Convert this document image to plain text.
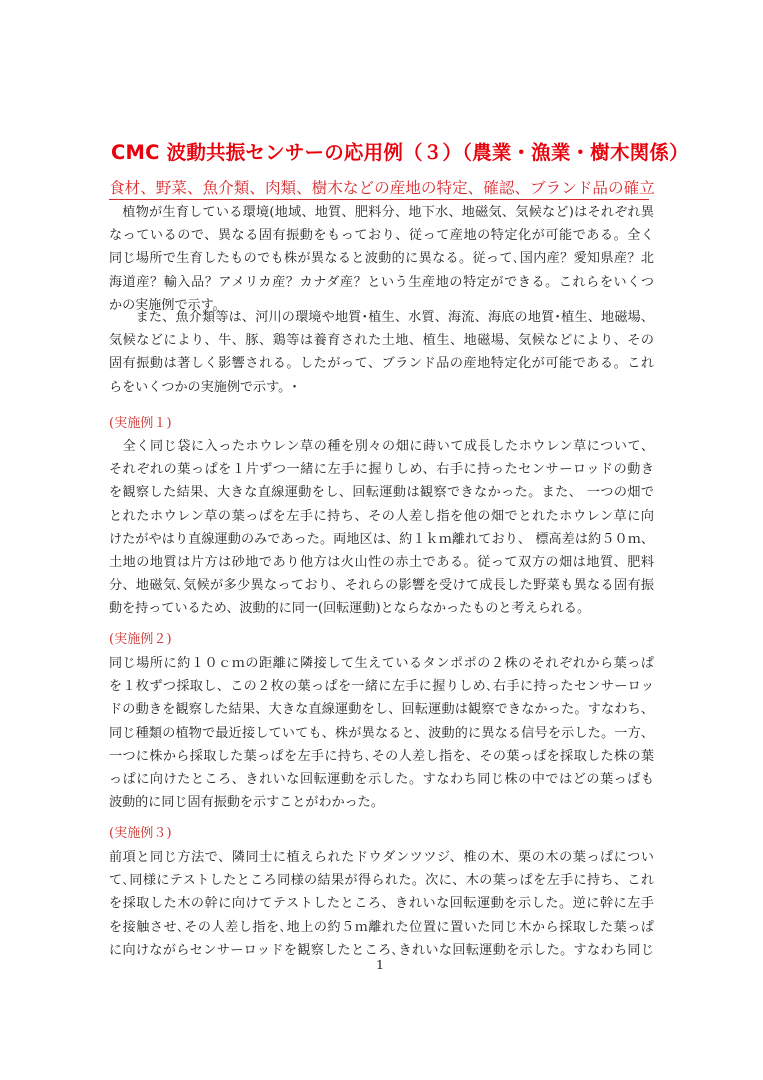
CMC 波動共振センサーの応用例（３）（農業・漁業・樹木関係）
食材、野菜、魚介類、肉類、樹木などの産地の特定、確認、ブランド品の確立
　植物が生育している環境(地域、地質、肥料分、地下水、地磁気、気候など)はそれぞれ異
なっているので、異なる固有振動をもっており、従って産地の特定化が可能である。全く
同じ場所で生育したものでも株が異なると波動的に異なる。従って､国内産？愛知県産？北
海道産？輸入品？アメリカ産？カナダ産？という生産地の特定ができる。これらをいくつ
かの実施例で示す。
　　また、魚介類等は、河川の環境や地質･植生、水質、海流、海底の地質･植生、地磁場、
気候などにより、牛、豚、鶏等は養育された土地、植生、地磁場、気候などにより、その
固有振動は著しく影響される。したがって、ブランド品の産地特定化が可能である。これ
らをいくつかの実施例で示す。･
(実施例１)
　全く同じ袋に入ったホウレン草の種を別々の畑に蒔いて成長したホウレン草について、
それぞれの葉っぱを１片ずつ一緒に左手に握りしめ、右手に持ったセンサーロッドの動き
を観察した結果、大きな直線運動をし、回転運動は観察できなかった。また、 一つの畑で
とれたホウレン草の葉っぱを左手に持ち、その人差し指を他の畑でとれたホウレン草に向
けたがやはり直線運動のみであった。両地区は、約１ｋｍ離れており、 標高差は約５０ｍ、
土地の地質は片方は砂地であり他方は火山性の赤土である。従って双方の畑は地質、肥料
分、地磁気､気候が多少異なっており、それらの影響を受けて成長した野菜も異なる固有振
動を持っているため、波動的に同一(回転運動)とならなかったものと考えられる。
(実施例２)
同じ場所に約１０ｃｍの距離に隣接して生えているタンポポの２株のそれぞれから葉っぱ
を１枚ずつ採取し、この２枚の葉っぱを一緒に左手に握りしめ､右手に持ったセンサーロッ
ドの動きを観察した結果、大きな直線運動をし、回転運動は観察できなかった。すなわち、
同じ種類の植物で最近接していても、株が異なると、波動的に異なる信号を示した。一方、
一つに株から採取した葉っぱを左手に持ち､その人差し指を、その葉っぱを採取した株の葉
っぱに向けたところ、きれいな回転運動を示した。すなわち同じ株の中ではどの葉っぱも
波動的に同じ固有振動を示すことがわかった。
(実施例３)
前項と同じ方法で、隣同士に植えられたドウダンツツジ、椎の木、栗の木の葉っぱについ
て､同様にテストしたところ同様の結果が得られた。次に、木の葉っぱを左手に持ち、これ
を採取した木の幹に向けてテストしたところ、きれいな回転運動を示した。逆に幹に左手
を接触させ､その人差し指を､地上の約５ｍ離れた位置に置いた同じ木から採取した葉っぱ
に向けながらセンサーロッドを観察したところ､きれいな回転運動を示した。すなわち同じ
1
